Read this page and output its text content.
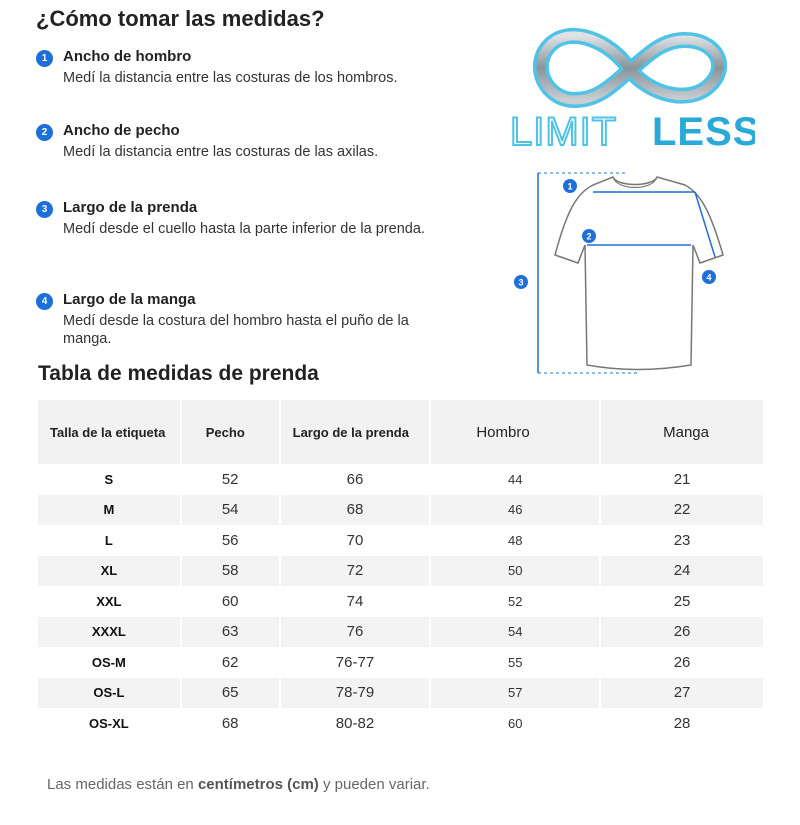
¿Cómo tomar las medidas?
1	Ancho de hombro
Medí la distancia entre las costuras de los hombros.
2	Ancho de pecho
Medí la distancia entre las costuras de las axilas.
3	Largo de la prenda
Medí desde el cuello hasta la parte inferior de la prenda.
4	Largo de la manga
Medí desde la costura del hombro hasta el puño de la manga.
LIMIT LESS
1
2
3	4
Tabla de medidas de prenda
Talla de la etiqueta	Pecho	Largo de la prenda	Hombro	Manga
S	52	66	44	21
M	54	68	46	22
L	56	70	48	23
XL	58	72	50	24
XXL	60	74	52	25
XXXL	63	76	54	26
OS-M	62	76-77	55	26
OS-L	65	78-79	57	27
OS-XL	68	80-82	60	28
Las medidas están en centímetros (cm) y pueden variar.
